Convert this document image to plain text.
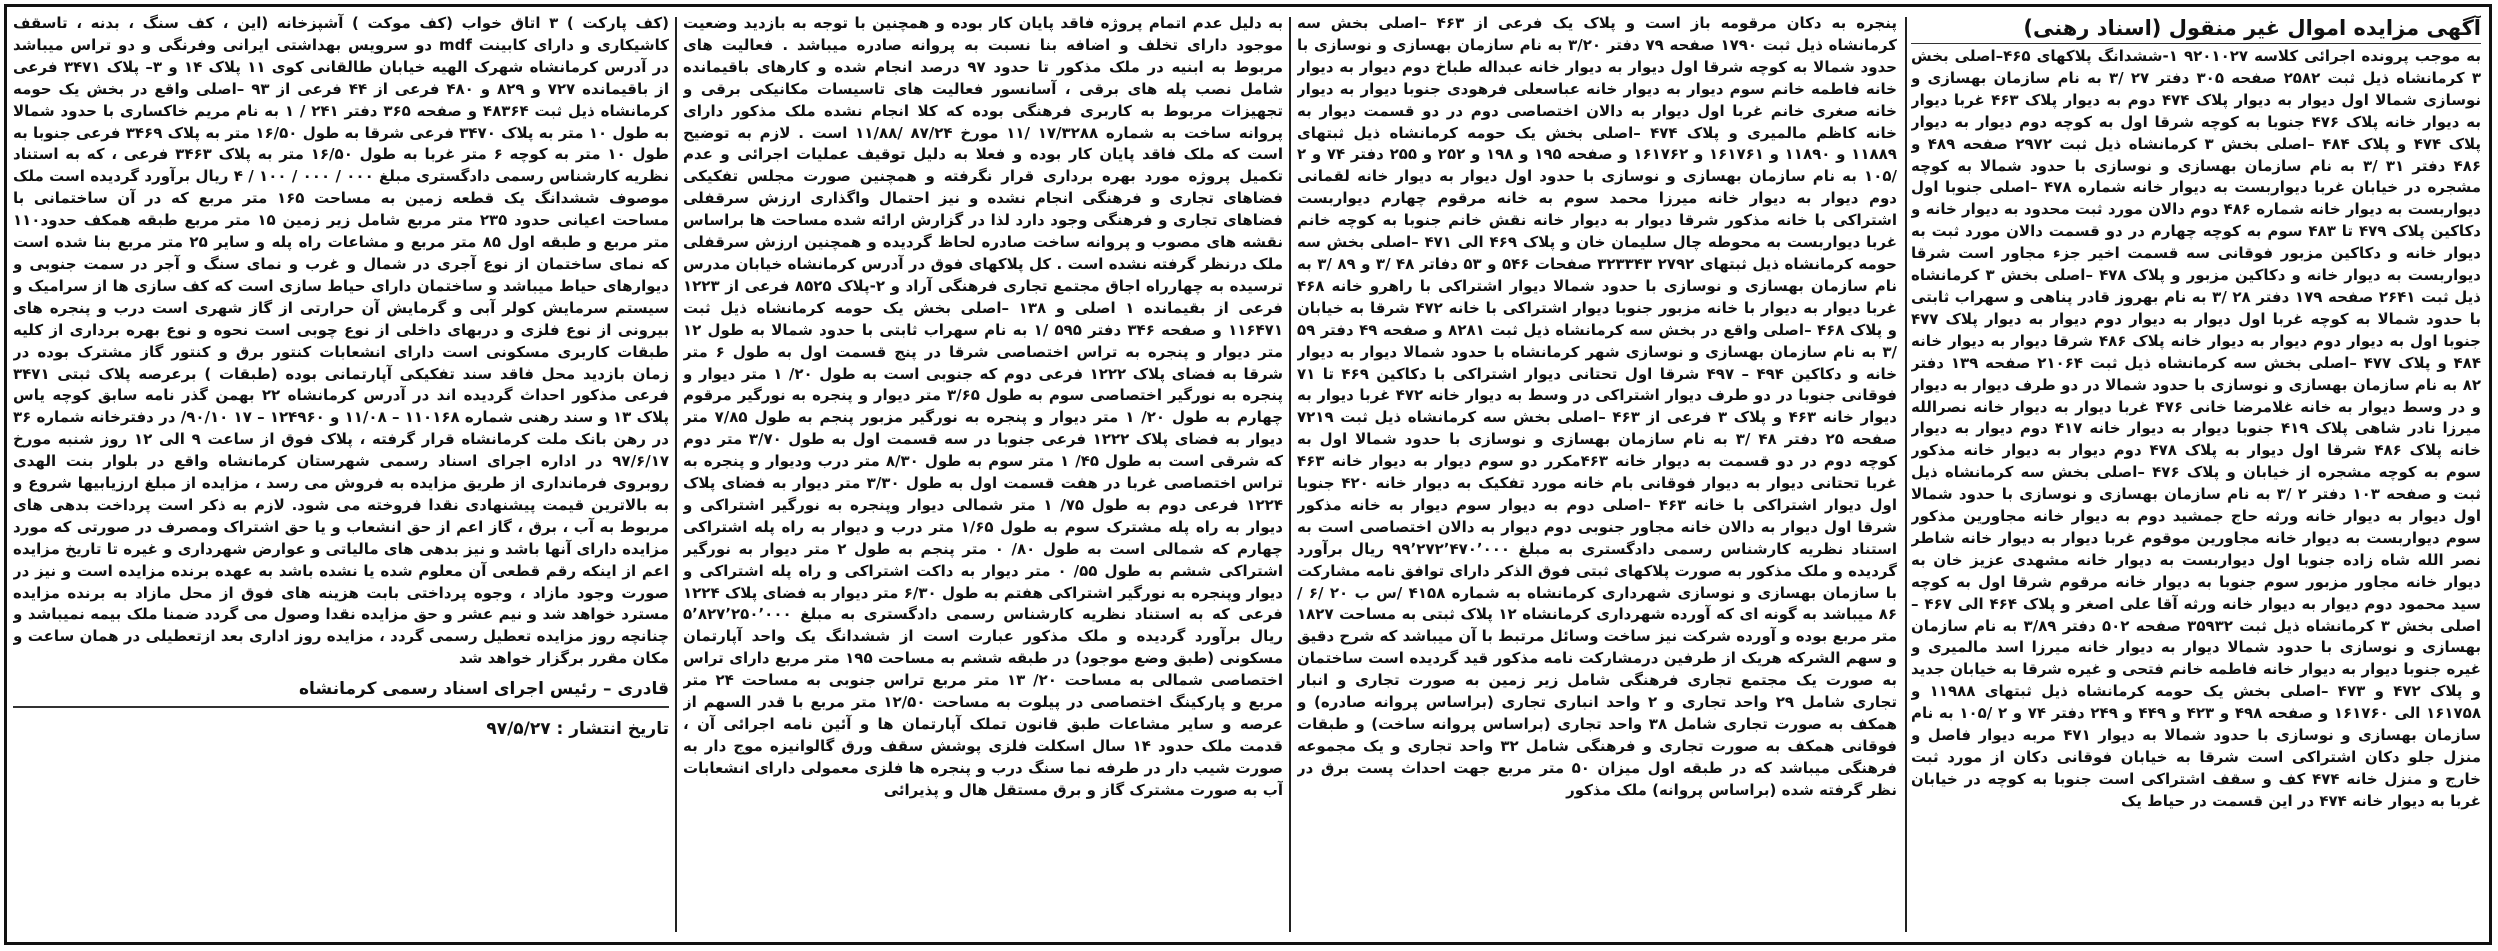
آگهی مزایده اموال غیر منقول (اسناد رهنی)
به موجب پرونده اجرائی کلاسه ۹۲۰۱۰۲۷ ۱-ششدانگ پلاکهای ۴۶۵–اصلی بخش ۳ کرمانشاه ذیل ثبت ۲۵۸۲ صفحه ۳۰۵ دفتر ۲۷ /۳ به نام سازمان بهسازی و نوسازی شمالا اول دیوار به دیوار پلاک ۴۷۴ دوم به دیوار پلاک ۴۶۳ غربا دیوار به دیوار خانه پلاک ۴۷۶ جنوبا به کوچه شرقا اول به کوچه دوم دیوار به دیوار پلاک ۴۷۴ و پلاک ۴۸۴ –اصلی بخش ۳ کرمانشاه ذیل ثبت ۲۹۷۲ صفحه ۴۸۹ و ۴۸۶ دفتر ۳۱ /۳ به نام سازمان بهسازی و نوسازی با حدود شمالا به کوچه مشجره در خیابان غربا دیواربست به دیوار خانه شماره ۴۷۸ –اصلی جنوبا اول دیواربست به دیوار خانه شماره ۴۸۶ دوم دالان مورد ثبت محدود به دیوار خانه و دکاکین پلاک ۴۷۹ تا ۴۸۳ سوم به کوچه چهارم در دو قسمت دالان مورد ثبت به دیوار خانه و دکاکین مزبور فوقانی سه قسمت اخیر جزء مجاور است شرقا دیواربست به دیوار خانه و دکاکین مزبور و پلاک ۴۷۸ –اصلی بخش ۳ کرمانشاه ذیل ثبت ۲۶۴۱ صفحه ۱۷۹ دفتر ۲۸ /۳ به نام بهروز قادر پناهی و سهراب ثابتی با حدود شمالا به کوچه غربا اول دیوار به دیوار دوم دیوار به دیوار پلاک ۴۷۷ جنوبا اول به دیوار دوم دیوار به دیوار خانه پلاک ۴۸۶ شرقا دیوار به دیوار خانه ۴۸۴ و پلاک ۴۷۷ –اصلی بخش سه کرمانشاه ذیل ثبت ۲۱۰۶۴ صفحه ۱۳۹ دفتر ۸۲ به نام سازمان بهسازی و نوسازی با حدود شمالا در دو طرف دیوار به دیوار و در وسط دیوار به خانه غلامرضا خانی ۴۷۶ غربا دیوار به دیوار خانه نصرالله میرزا نادر شاهی پلاک ۴۱۹ جنوبا دیوار به دیوار خانه ۴۱۷ دوم دیوار به دیوار خانه پلاک ۴۸۶ شرقا اول دیوار به پلاک ۴۷۸ دوم دیوار به دیوار خانه مذکور سوم به کوچه مشجره از خیابان و پلاک ۴۷۶ –اصلی بخش سه کرمانشاه ذیل ثبت و صفحه ۱۰۳ دفتر ۲ /۳ به نام سازمان بهسازی و نوسازی با حدود شمالا اول دیوار به دیوار خانه ورثه حاج جمشید دوم به دیوار خانه مجاورین مذکور سوم دیواربست به دیوار خانه مجاورین موقوم غربا دیوار به دیوار خانه شاطر نصر الله شاه زاده جنوبا اول دیواربست به دیوار خانه مشهدی عزیز خان به دیوار خانه مجاور مزبور سوم جنوبا به دیوار خانه مرقوم شرقا اول به کوچه سید محمود دوم دیوار به دیوار خانه ورثه آقا علی اصغر و پلاک ۴۶۴ الی ۴۶۷ –اصلی بخش ۳ کرمانشاه ذیل ثبت ۳۵۹۳۲ صفحه ۵۰۲ دفتر ۳/۸۹ به نام سازمان بهسازی و نوسازی با حدود شمالا دیوار به دیوار خانه میرزا اسد مالمیری و غیره جنوبا دیوار به دیوار خانه فاطمه خانم فتحی و غیره شرقا به خیابان جدید و پلاک ۴۷۲ و ۴۷۳ –اصلی بخش یک حومه کرمانشاه ذیل ثبتهای ۱۱۹۸۸ و ۱۶۱۷۵۸ الی ۱۶۱۷۶۰ و صفحه ۴۹۸ و ۴۲۳ و ۴۴۹ و ۲۴۹ دفتر ۷۴ و ۲ /۱۰۵ به نام سازمان بهسازی و نوسازی با حدود شمالا به دیوار ۴۷۱ مربه دیوار فاصل و منزل جلو دکان اشتراکی است شرقا به خیابان فوقانی دکان از مورد ثبت خارج و منزل خانه ۴۷۴ کف و سقف اشتراکی است جنوبا به کوچه در خیابان غربا به دیوار خانه ۴۷۴ در این قسمت در حیاط یک
پنجره به دکان مرقومه باز است و پلاک یک فرعی از ۴۶۳ –اصلی بخش سه کرمانشاه ذیل ثبت ۱۷۹۰ صفحه ۷۹ دفتر ۳/۲۰ به نام سازمان بهسازی و نوسازی با حدود شمالا به کوچه شرقا اول دیوار به دیوار خانه عبداله طباخ دوم دیوار به دیوار خانه فاطمه خانم سوم دیوار به دیوار خانه عباسعلی فرهودی جنوبا دیوار به دیوار خانه صغری خانم غربا اول دیوار به دالان اختصاصی دوم در دو قسمت دیوار به خانه کاظم مالمیری و پلاک ۴۷۴ –اصلی بخش یک حومه کرمانشاه ذیل ثبتهای ۱۱۸۸۹ و ۱۱۸۹۰ و ۱۶۱۷۶۱ و ۱۶۱۷۶۲ و صفحه ۱۹۵ و ۱۹۸ و ۲۵۲ و ۲۵۵ دفتر ۷۴ و ۲ /۱۰۵ به نام سازمان بهسازی و نوسازی با حدود اول دیوار به دیوار خانه لقمانی دوم دیوار به دیوار خانه میرزا محمد سوم به خانه مرقوم چهارم دیواربست اشتراکی با خانه مذکور شرقا دیوار به دیوار خانه نقش خانم جنوبا به کوچه خانم غربا دیواربست به محوطه چال سلیمان خان و پلاک ۴۶۹ الی ۴۷۱ –اصلی بخش سه حومه کرمانشاه ذیل ثبتهای ۲۷۹۲ ۳۲۳۳۴۳ صفحات ۵۴۶ و ۵۳ دفاتر ۴۸ /۳ و ۸۹ /۳ به نام سازمان بهسازی و نوسازی با حدود شمالا دیوار اشتراکی با راهرو خانه ۴۶۸ غربا دیوار به دیوار با خانه مزبور جنوبا دیوار اشتراکی با خانه ۴۷۲ شرقا به خیابان و پلاک ۴۶۸ –اصلی واقع در بخش سه کرمانشاه ذیل ثبت ۸۲۸۱ و صفحه ۴۹ دفتر ۵۹ /۳ به نام سازمان بهسازی و نوسازی شهر کرمانشاه با حدود شمالا دیوار به دیوار خانه و دکاکین ۴۹۴ – ۴۹۷ شرقا اول تحتانی دیوار اشتراکی با دکاکین ۴۶۹ تا ۷۱ فوقانی جنوبا در دو طرف دیوار اشتراکی در وسط به دیوار خانه ۴۷۲ غربا دیوار به دیوار خانه ۴۶۳ و پلاک ۳ فرعی از ۴۶۳ –اصلی بخش سه کرمانشاه ذیل ثبت ۷۲۱۹ صفحه ۲۵ دفتر ۴۸ /۳ به نام سازمان بهسازی و نوسازی با حدود شمالا اول به کوچه دوم در دو قسمت به دیوار خانه ۴۶۳مکرر دو سوم دیوار به دیوار خانه ۴۶۳ غربا تحتانی دیوار به دیوار فوقانی بام خانه مورد تفکیک به دیوار خانه ۴۲۰ جنوبا اول دیوار اشتراکی با خانه ۴۶۳ –اصلی دوم به دیوار سوم دیوار به خانه مذکور شرقا اول دیوار به دالان خانه مجاور جنوبی دوم دیوار به دالان اختصاصی است به استناد نظریه کارشناس رسمی دادگستری به مبلغ ۹۹٬۲۷۲٬۴۷۰٬۰۰۰ ریال برآورد گردیده و ملک مذکور به صورت پلاکهای ثبتی فوق الذکر دارای توافق نامه مشارکت با سازمان بهسازی و نوسازی شهرداری کرمانشاه به شماره ۴۱۵۸ /س ب ۲۰ /۶ /۸۶ میباشد به گونه ای که آورده شهرداری کرمانشاه ۱۲ پلاک ثبتی به مساحت ۱۸۲۷ متر مربع بوده و آورده شرکت نیز ساخت وسائل مرتبط با آن میباشد که شرح دقیق و سهم الشرکه هریک از طرفین درمشارکت نامه مذکور قید گردیده است ساختمان به صورت یک مجتمع تجاری فرهنگی شامل زیر زمین به صورت تجاری و انبار تجاری شامل ۲۹ واحد تجاری و ۲ واحد انباری تجاری (براساس پروانه صادره) و همکف به صورت تجاری شامل ۳۸ واحد تجاری (براساس پروانه ساخت) و طبقات فوقانی همکف به صورت تجاری و فرهنگی شامل ۳۲ واحد تجاری و یک مجموعه فرهنگی میباشد که در طبقه اول میزان ۵۰ متر مربع جهت احداث پست برق در نظر گرفته شده (براساس پروانه) ملک مذکور
به دلیل عدم اتمام پروژه فاقد پایان کار بوده و همچنین با توجه به بازدید وضعیت موجود دارای تخلف و اضافه بنا نسبت به پروانه صادره میباشد . فعالیت های مربوط به ابنیه در ملک مذکور تا حدود ۹۷ درصد انجام شده و کارهای باقیمانده شامل نصب پله های برقی ، آسانسور فعالیت های تاسیسات مکانیکی برقی و تجهیزات مربوط به کاربری فرهنگی بوده که کلا انجام نشده ملک مذکور دارای پروانه ساخت به شماره ۱۷/۳۲۸۸ /۱۱ مورخ ۸۷/۲۴ /۱۱/۸۸ است . لازم به توضیح است که ملک فاقد پایان کار بوده و فعلا به دلیل توقیف عملیات اجرائی و عدم تکمیل پروژه مورد بهره برداری قرار نگرفته و همچنین صورت مجلس تفکیکی فضاهای تجاری و فرهنگی انجام نشده و نیز احتمال واگذاری ارزش سرقفلی فضاهای تجاری و فرهنگی وجود دارد لذا در گزارش ارائه شده مساحت ها براساس نقشه های مصوب و پروانه ساخت صادره لحاظ گردیده و همچنین ارزش سرقفلی ملک درنظر گرفته نشده است . کل پلاکهای فوق در آدرس کرمانشاه خیابان مدرس ترسیده به چهارراه اجاق مجتمع تجاری فرهنگی آراد و ۲-پلاک ۸۵۲۵ فرعی از ۱۲۲۳ فرعی از بقیمانده ۱ اصلی و ۱۳۸ –اصلی بخش یک حومه کرمانشاه ذیل ثبت ۱۱۶۴۷۱ و صفحه ۳۴۶ دفتر ۵۹۵ /۱ به نام سهراب ثابتی با حدود شمالا به طول ۱۲ متر دیوار و پنجره به تراس اختصاصی شرقا در پنج قسمت اول به طول ۶ متر شرقا به فضای پلاک ۱۲۲۲ فرعی دوم که جنوبی است به طول ۲۰/ ۱ متر دیوار و پنجره به نورگیر اختصاصی سوم به طول ۳/۶۵ متر دیوار و پنجره به نورگیر مرقوم چهارم به طول ۲۰/ ۱ متر دیوار و پنجره به نورگیر مزبور پنجم به طول ۷/۸۵ متر دیوار به فضای پلاک ۱۲۲۲ فرعی جنوبا در سه قسمت اول به طول ۳/۷۰ متر دوم که شرقی است به طول ۴۵/ ۱ متر سوم به طول ۸/۳۰ متر درب ودیوار و پنجره به تراس اختصاصی غربا در هفت قسمت اول به طول ۳/۳۰ متر دیوار به فضای پلاک ۱۲۲۴ فرعی دوم به طول ۷۵/ ۱ متر شمالی دیوار وپنجره به نورگیر اشتراکی و دیوار به راه پله مشترک سوم به طول ۱/۶۵ متر درب و دیوار به راه پله اشتراکی چهارم که شمالی است به طول ۸۰/ ۰ متر پنجم به طول ۲ متر دیوار به نورگیر اشتراکی ششم به طول ۵۵/ ۰ متر دیوار به داکت اشتراکی و راه پله اشتراکی و دیوار وپنجره به نورگیر اشتراکی هفتم به طول ۶/۳۰ متر دیوار به فضای پلاک ۱۲۲۴ فرعی که به استناد نظریه کارشناس رسمی دادگستری به مبلغ ۵٬۸۲۷٬۲۵۰٬۰۰۰ ریال برآورد گردیده و ملک مذکور عبارت است از ششدانگ یک واحد آپارتمان مسکونی (طبق وضع موجود) در طبقه ششم به مساحت ۱۹۵ متر مربع دارای تراس اختصاصی شمالی به مساحت ۲۰/ ۱۳ متر مربع تراس جنوبی به مساحت ۲۴ متر مربع و پارکینگ اختصاصی در پیلوت به مساحت ۱۲/۵۰ متر مربع با قدر السهم از عرصه و سایر مشاعات طبق قانون تملک آپارتمان ها و آئین نامه اجرائی آن ، قدمت ملک حدود ۱۴ سال اسکلت فلزی پوشش سقف ورق گالوانیزه موج دار به صورت شیب دار در طرفه نما سنگ درب و پنجره ها فلزی معمولی دارای انشعابات آب به صورت مشترک گاز و برق مستقل هال و پذیرائی
(کف پارکت ) ۳ اتاق خواب (کف موکت ) آشپزخانه (این ، کف سنگ ، بدنه ، تاسقف کاشیکاری و دارای کابینت mdf دو سرویس بهداشتی ایرانی وفرنگی و دو تراس میباشد در آدرس کرمانشاه شهرک الهیه خیابان طالقانی کوی ۱۱ پلاک ۱۴ و ۳– پلاک ۳۴۷۱ فرعی از باقیمانده ۷۲۷ و ۸۲۹ و ۴۸۰ فرعی از ۴۴ فرعی از ۹۳ –اصلی واقع در بخش یک حومه کرمانشاه ذیل ثبت ۴۸۳۶۴ و صفحه ۳۶۵ دفتر ۲۴۱ / ۱ به نام مریم خاکساری با حدود شمالا به طول ۱۰ متر به پلاک ۳۴۷۰ فرعی شرقا به طول ۱۶/۵۰ متر به پلاک ۳۴۶۹ فرعی جنوبا به طول ۱۰ متر به کوچه ۶ متر غربا به طول ۱۶/۵۰ متر به پلاک ۳۴۶۳ فرعی ، که به استناد نظریه کارشناس رسمی دادگستری مبلغ ۰۰۰ / ۰۰۰ / ۱۰۰ / ۴ ریال برآورد گردیده است ملک موصوف ششدانگ یک قطعه زمین به مساحت ۱۶۵ متر مربع که در آن ساختمانی با مساحت اعیانی حدود ۲۳۵ متر مربع شامل زیر زمین ۱۵ متر مربع طبقه همکف حدود۱۱۰ متر مربع و طبقه اول ۸۵ متر مربع و مشاعات راه پله و سایر ۲۵ متر مربع بنا شده است که نمای ساختمان از نوع آجری در شمال و غرب و نمای سنگ و آجر در سمت جنوبی و دیوارهای حیاط میباشد و ساختمان دارای حیاط سازی است که کف سازی ها از سرامیک و سیستم سرمایش کولر آبی و گرمایش آن حرارتی از گاز شهری است درب و پنجره های بیرونی از نوع فلزی و دربهای داخلی از نوع چوبی است نحوه و نوع بهره برداری از کلیه طبقات کاربری مسکونی است دارای انشعابات کنتور برق و کنتور گاز مشترک بوده در زمان بازدید محل فاقد سند تفکیکی آپارتمانی بوده (طبقات ) برعرصه پلاک ثبتی ۳۴۷۱ فرعی مذکور احداث گردیده اند در آدرس کرمانشاه ۲۲ بهمن گذر نامه سابق کوچه یاس پلاک ۱۳ و سند رهنی شماره ۱۱۰۱۶۸ – ۱۱/۰۸ و ۱۲۴۹۶۰ – ۱۷ ۹۰/۱۰/ در دفترخانه شماره ۳۶ در رهن بانک ملت کرمانشاه قرار گرفته ، پلاک فوق از ساعت ۹ الی ۱۲ روز شنبه مورخ ۹۷/۶/۱۷ در اداره اجرای اسناد رسمی شهرستان کرمانشاه واقع در بلوار بنت الهدی روبروی فرمانداری از طریق مزایده به فروش می رسد ، مزایده از مبلغ ارزیابیها شروع و به بالاترین قیمت پیشنهادی نقدا فروخته می شود. لازم به ذکر است پرداخت بدهی های مربوط به آب ، برق ، گاز اعم از حق انشعاب و یا حق اشتراک ومصرف در صورتی که مورد مزایده دارای آنها باشد و نیز بدهی های مالیاتی و عوارض شهرداری و غیره تا تاریخ مزایده اعم از اینکه رقم قطعی آن معلوم شده یا نشده باشد به عهده برنده مزایده است و نیز در صورت وجود مازاد ، وجوه پرداختی بابت هزینه های فوق از محل مازاد به برنده مزایده مسترد خواهد شد و نیم عشر و حق مزایده نقدا وصول می گردد ضمنا ملک بیمه نمیباشد و چنانچه روز مزایده تعطیل رسمی گردد ، مزایده روز اداری بعد ازتعطیلی در همان ساعت و مکان مقرر برگزار خواهد شد
قادری – رئیس اجرای اسناد رسمی کرمانشاه
تاریخ انتشار : ۹۷/۵/۲۷
